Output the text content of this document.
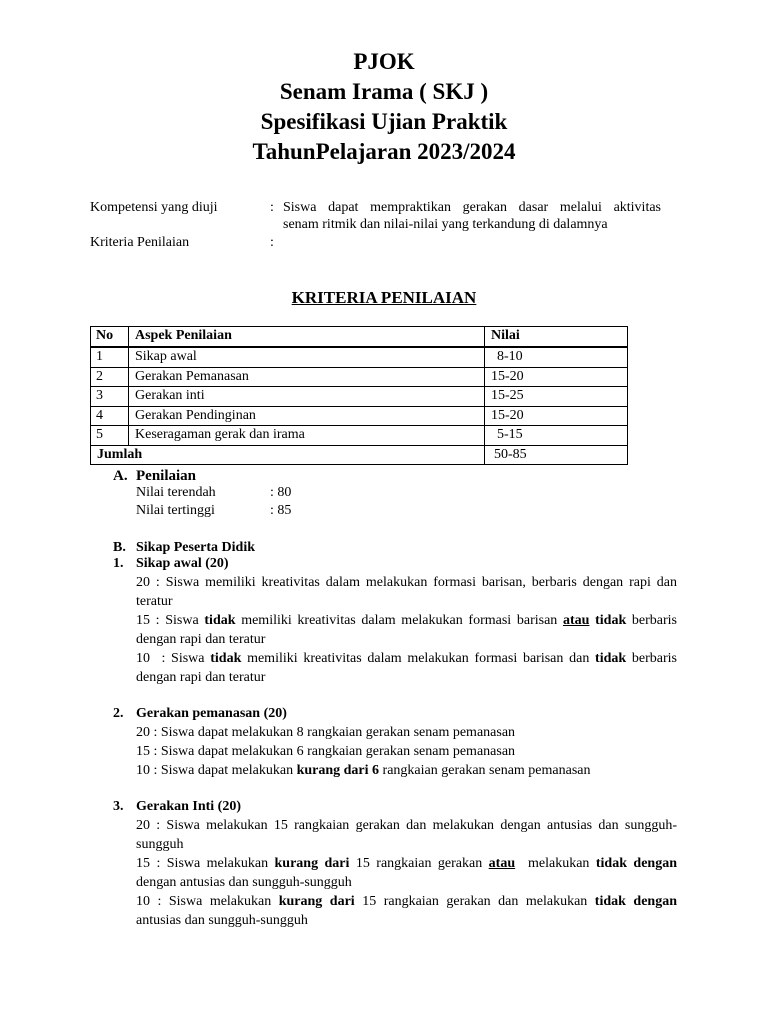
PJOK
Senam Irama ( SKJ )
Spesifikasi Ujian Praktik
TahunPelajaran 2023/2024
Kompetensi yang diuji	: Siswa dapat mempraktikan gerakan dasar melalui aktivitas
senam ritmik dan nilai-nilai yang terkandung di dalamnya
Kriteria Penilaian	:
KRITERIA PENILAIAN
No	Aspek Penilaian	Nilai
1	Sikap awal	8-10
2	Gerakan Pemanasan	15-20
3	Gerakan inti	15-25
4	Gerakan Pendinginan	15-20
5	Keseragaman gerak dan irama	5-15
Jumlah		50-85
A. Penilaian
Nilai terendah	: 80
Nilai tertinggi	: 85
B. Sikap Peserta Didik
1. Sikap awal (20)
20 : Siswa memiliki kreativitas dalam melakukan formasi barisan, berbaris dengan rapi dan teratur
15 : Siswa tidak memiliki kreativitas dalam melakukan formasi barisan atau tidak berbaris dengan rapi dan teratur
10  : Siswa tidak memiliki kreativitas dalam melakukan formasi barisan dan tidak berbaris dengan rapi dan teratur
2. Gerakan pemanasan (20)
20 : Siswa dapat melakukan 8 rangkaian gerakan senam pemanasan
15 : Siswa dapat melakukan 6 rangkaian gerakan senam pemanasan
10 : Siswa dapat melakukan kurang dari 6 rangkaian gerakan senam pemanasan
3. Gerakan Inti (20)
20 : Siswa melakukan 15 rangkaian gerakan dan melakukan dengan antusias dan sungguh-sungguh
15 : Siswa melakukan kurang dari 15 rangkaian gerakan atau  melakukan tidak dengan dengan antusias dan sungguh-sungguh
10 : Siswa melakukan kurang dari 15 rangkaian gerakan dan melakukan tidak dengan antusias dan sungguh-sungguh
